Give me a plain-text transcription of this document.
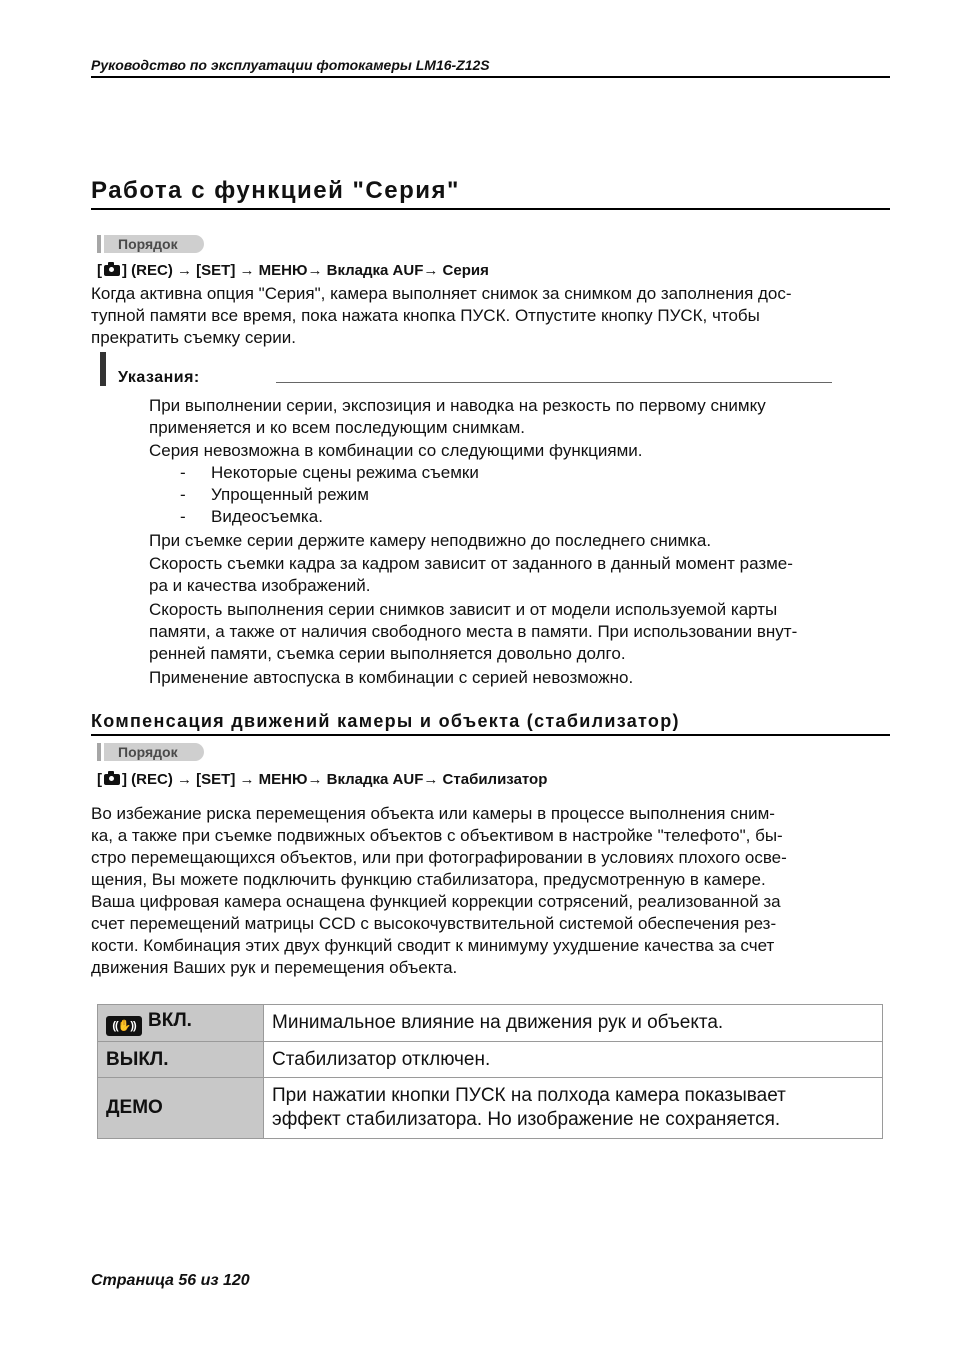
Руководство по эксплуатации фотокамеры LM16-Z12S
Работа с функцией "Серия"
Порядок
[ ] (REC) → [SET] → МЕНЮ→ Вкладка AUF→ Серия
Когда активна опция "Серия", камера выполняет снимок за снимком до заполнения дос-
тупной памяти все время, пока нажата кнопка ПУСК. Отпустите кнопку ПУСК, чтобы
прекратить съемку серии.
Указания:
При выполнении серии, экспозиция и наводка на резкость по первому снимку
применяется и ко всем последующим снимкам.
Серия невозможна в комбинации со следующими функциями.
- Некоторые сцены режима съемки
- Упрощенный режим
- Видеосъемка.
При съемке серии держите камеру неподвижно до последнего снимка.
Скорость съемки кадра за кадром зависит от заданного в данный момент разме-
ра и качества изображений.
Скорость выполнения серии снимков зависит и от модели используемой карты
памяти, а также от наличия свободного места в памяти. При использовании внут-
ренней памяти, съемка серии выполняется довольно долго.
Применение автоспуска в комбинации с серией невозможно.
Компенсация движений камеры и объекта (стабилизатор)
Порядок
[ ] (REC) → [SET] → МЕНЮ→ Вкладка AUF→ Стабилизатор
Во избежание риска перемещения объекта или камеры в процессе выполнения сним-
ка, а также при съемке подвижных объектов с объективом в настройке "телефото", бы-
стро перемещающихся объектов, или при фотографировании в условиях плохого осве-
щения, Вы можете подключить функцию стабилизатора, предусмотренную в камере.
Ваша цифровая камера оснащена функцией коррекции сотрясений, реализованной за
счет перемещений матрицы CCD с высокочувствительной системой обеспечения рез-
кости. Комбинация этих двух функций сводит к минимуму ухудшение качества за счет
движения Ваших рук и перемещения объекта.
((✋)) ВКЛ.	Минимальное влияние на движения рук и объекта.
ВЫКЛ.	Стабилизатор отключен.
ДЕМО	При нажатии кнопки ПУСК на полхода камера показывает
эффект стабилизатора. Но изображение не сохраняется.
Страница 56 из 120
